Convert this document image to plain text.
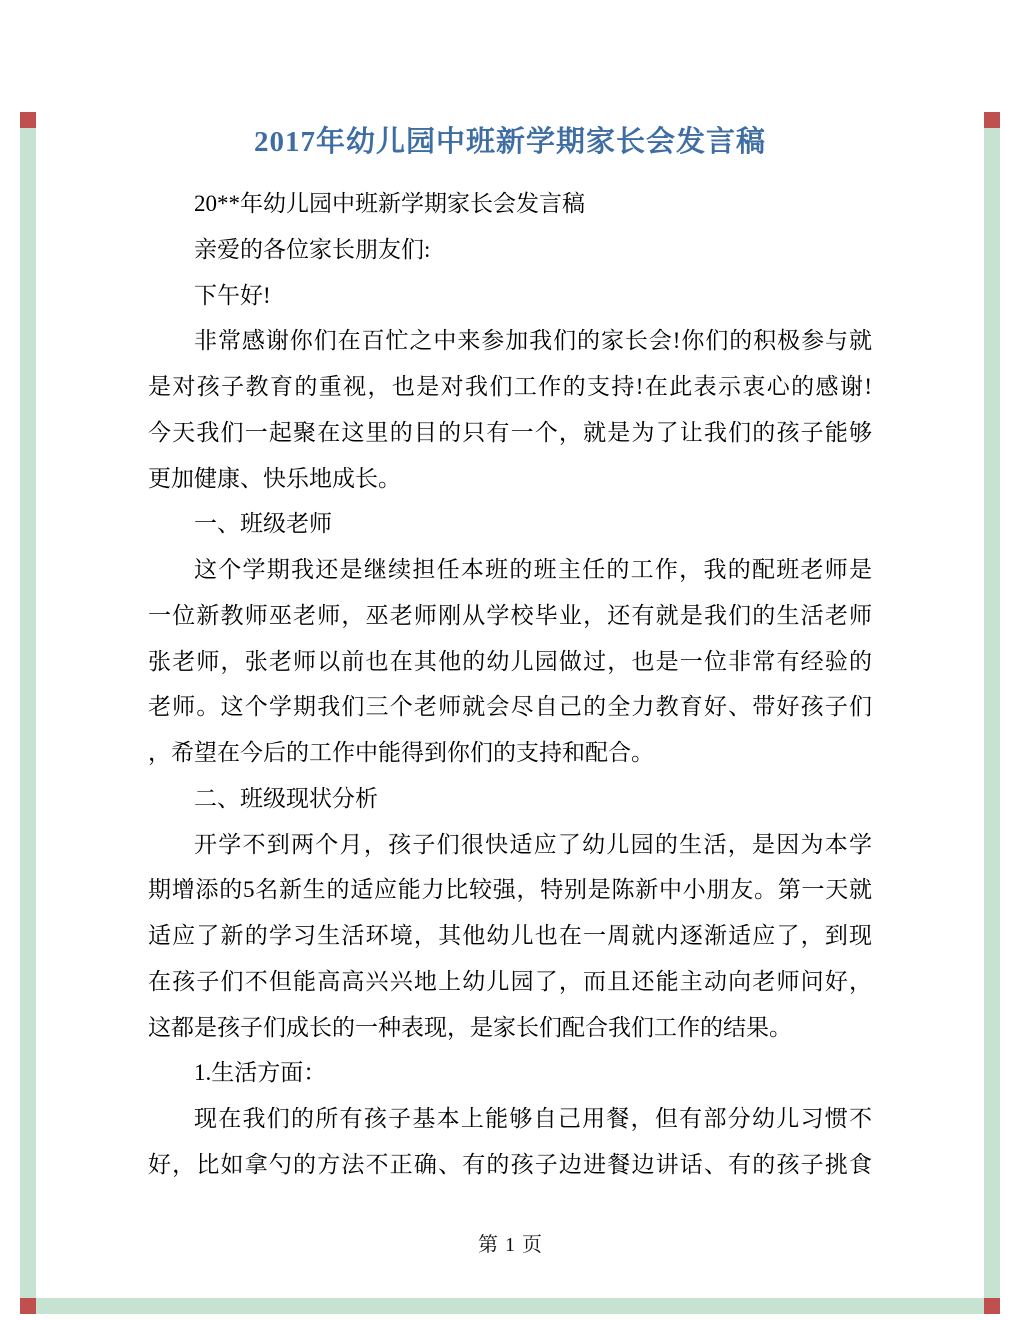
2017年幼儿园中班新学期家长会发言稿
20**年幼儿园中班新学期家长会发言稿
亲爱的各位家长朋友们:
下午好!
非常感谢你们在百忙之中来参加我们的家长会!你们的积极参与就
是对孩子教育的重视，也是对我们工作的支持!在此表示衷心的感谢!
今天我们一起聚在这里的目的只有一个，就是为了让我们的孩子能够
更加健康、快乐地成长。
一、班级老师
这个学期我还是继续担任本班的班主任的工作，我的配班老师是
一位新教师巫老师，巫老师刚从学校毕业，还有就是我们的生活老师
张老师，张老师以前也在其他的幼儿园做过，也是一位非常有经验的
老师。这个学期我们三个老师就会尽自己的全力教育好、带好孩子们
，希望在今后的工作中能得到你们的支持和配合。
二、班级现状分析
开学不到两个月，孩子们很快适应了幼儿园的生活，是因为本学
期增添的5名新生的适应能力比较强，特别是陈新中小朋友。第一天就
适应了新的学习生活环境，其他幼儿也在一周就内逐渐适应了，到现
在孩子们不但能高高兴兴地上幼儿园了，而且还能主动向老师问好，
这都是孩子们成长的一种表现，是家长们配合我们工作的结果。
1.生活方面：
现在我们的所有孩子基本上能够自己用餐，但有部分幼儿习惯不
好，比如拿勺的方法不正确、有的孩子边进餐边讲话、有的孩子挑食
第 1 页
